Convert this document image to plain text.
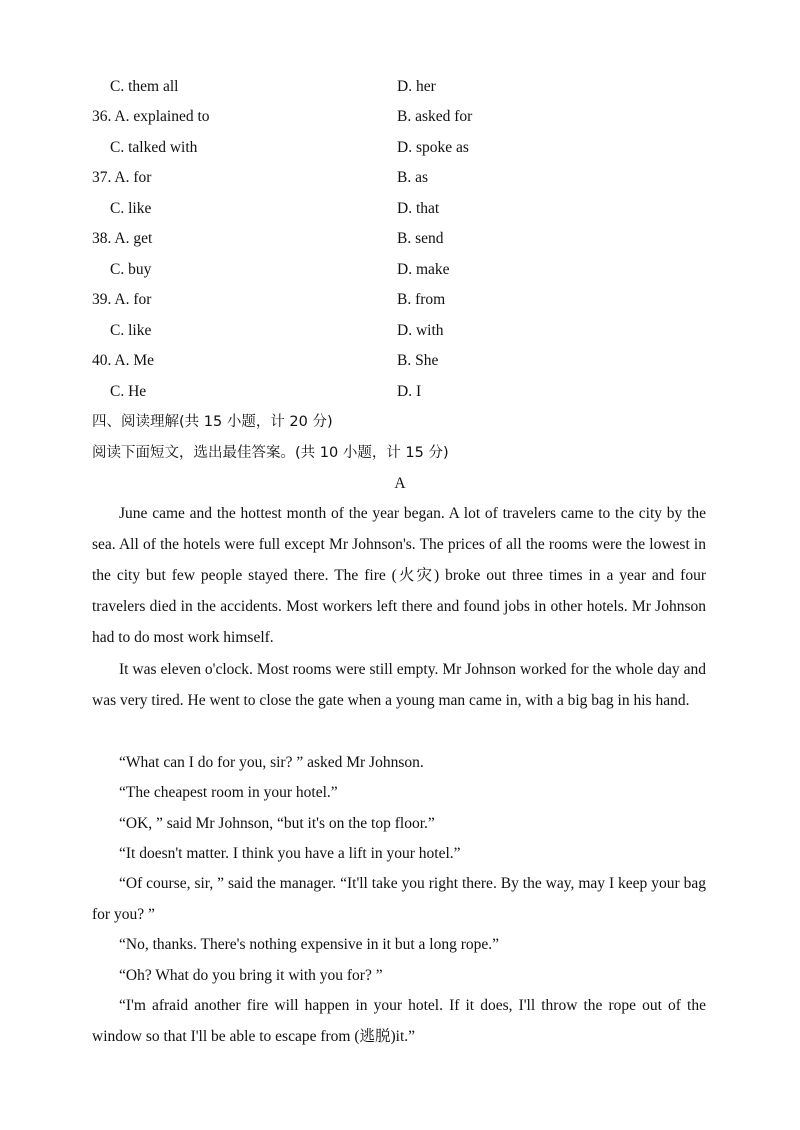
C. them all	D. her
36. A. explained to	B. asked for
C. talked with	D. spoke as
37. A. for	B. as
C. like	D. that
38. A. get	B. send
C. buy	D. make
39. A. for	B. from
C. like	D. with
40. A. Me	B. She
C. He	D. I
四、阅读理解(共 15 小题，计 20 分)
阅读下面短文，选出最佳答案。(共 10 小题，计 15 分)
A
June came and the hottest month of the year began. A lot of travelers came to the city by the sea. All of the hotels were full except Mr Johnson's. The prices of all the rooms were the lowest in the city but few people stayed there. The fire (火灾) broke out three times in a year and four travelers died in the accidents. Most workers left there and found jobs in other hotels. Mr Johnson had to do most work himself.
It was eleven o'clock. Most rooms were still empty. Mr Johnson worked for the whole day and was very tired. He went to close the gate when a young man came in, with a big bag in his hand.
“What can I do for you, sir? ” asked Mr Johnson.
“The cheapest room in your hotel.”
“OK, ” said Mr Johnson, “but it's on the top floor.”
“It doesn't matter. I think you have a lift in your hotel.”
“Of course, sir, ” said the manager. “It'll take you right there. By the way, may I keep your bag for you? ”
“No, thanks. There's nothing expensive in it but a long rope.”
“Oh? What do you bring it with you for? ”
“I'm afraid another fire will happen in your hotel. If it does, I'll throw the rope out of the window so that I'll be able to escape from (逃脱)it.”
